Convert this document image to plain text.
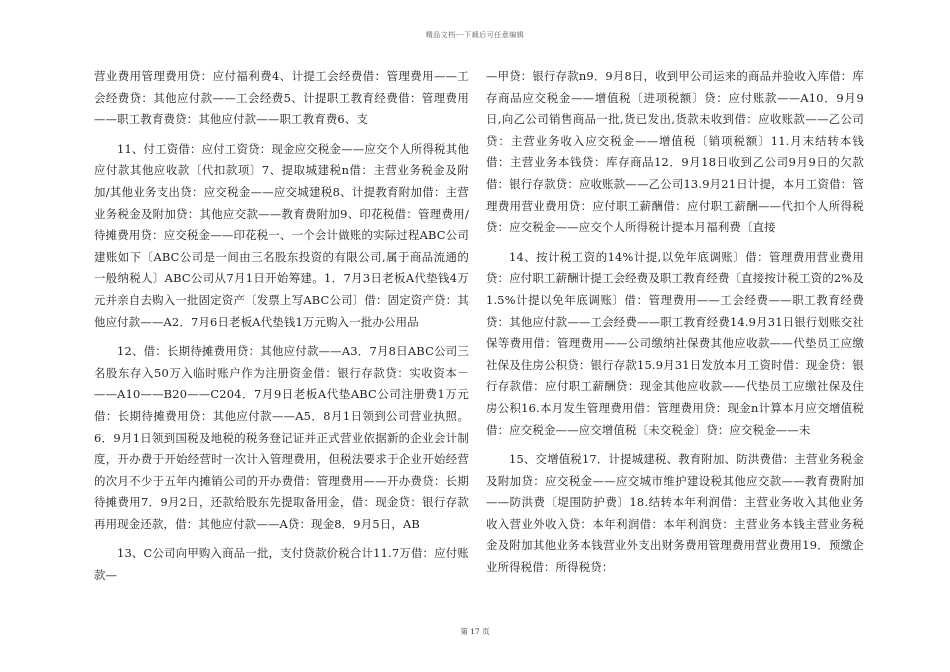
精品文档---下载后可任意编辑

营业费用管理费用贷：应付福利费4、计提工会经费借：管理费用——工会经费贷：其他应付款——工会经费5、计提职工教育经费借：管理费用——职工教育费贷：其他应付款——职工教育费6、支

11、付工资借：应付工资贷：现金应交税金——应交个人所得税其他应付款其他应收款〔代扣款项〕7、提取城建税n借：主营业务税金及附加/其他业务支出贷：应交税金——应交城建税8、计提教育附加借：主营业务税金及附加贷：其他应交款——教育费附加9、印花税借：管理费用/待摊费用贷：应交税金——印花税一、一个会计做账的实际过程ABC公司建账如下〔ABC公司是一间由三名股东投资的有限公司,属于商品流通的一般纳税人〕ABC公司从7月1日开始筹建。1．7月3日老板A代垫钱4万元并亲自去购入一批固定资产〔发票上写ABC公司〕借：固定资产贷：其他应付款——A2．7月6日老板A代垫钱1万元购入一批办公用品

12、借：长期待摊费用贷：其他应付款——A3．7月8日ABC公司三名股东存入50万入临时账户作为注册资金借：银行存款贷：实收资本－——A10——B20——C204．7月9日老板A代垫ABC公司注册费1万元借：长期待摊费用贷：其他应付款——A5．8月1日领到公司营业执照。6．9月1日领到国税及地税的税务登记证并正式营业依据新的企业会计制度，开办费于开始经营时一次计入管理费用，但税法要求于企业开始经营的次月不少于五年内摊销公司的开办费借：管理费用——开办费贷：长期待摊费用7．9月2日，还款给股东先提取备用金，借：现金贷：银行存款再用现金还款，借：其他应付款——A贷：现金8．9月5日，AB

13、C公司向甲购入商品一批，支付贷款价税合计11.7万借：应付账款—

—甲贷：银行存款n9．9月8日，收到甲公司运来的商品并验收入库借：库存商品应交税金——增值税〔进项税额〕贷：应付账款——A10．9月9日,向乙公司销售商品一批,货已发出,货款未收到借：应收账款——乙公司贷：主营业务收入应交税金——增值税〔销项税额〕11.月末结转本钱借：主营业务本钱贷：库存商品12．9月18日收到乙公司9月9日的欠款借：银行存款贷：应收账款——乙公司13.9月21日计提，本月工资借：管理费用营业费用贷：应付职工薪酬借：应付职工薪酬——代扣个人所得税贷：应交税金——应交个人所得税计提本月福利费〔直接

14、按计税工资的14%计提,以免年底调账〕借：管理费用营业费用贷：应付职工薪酬计提工会经费及职工教育经费〔直接按计税工资的2%及1.5%计提以免年底调账〕借：管理费用——工会经费——职工教育经费贷：其他应付款——工会经费——职工教育经费14.9月31日银行划账交社保等费用借：管理费用——公司缴纳社保费其他应收款——代垫员工应缴社保及住房公积贷：银行存款15.9月31日发放本月工资时借：现金贷：银行存款借：应付职工薪酬贷：现金其他应收款——代垫员工应缴社保及住房公积16.本月发生管理费用借：管理费用贷：现金n计算本月应交增值税借：应交税金——应交增值税〔未交税金〕贷：应交税金——未

15、交增值税17．计提城建税、教育附加、防洪费借：主营业务税金及附加贷：应交税金——应交城市维护建设税其他应交款——教育费附加——防洪费〔堤围防护费〕18.结转本年利润借：主营业务收入其他业务收入营业外收入贷：本年利润借：本年利润贷：主营业务本钱主营业务税金及附加其他业务本钱营业外支出财务费用管理费用营业费用19．预缴企业所得税借：所得税贷：

第 17 页
